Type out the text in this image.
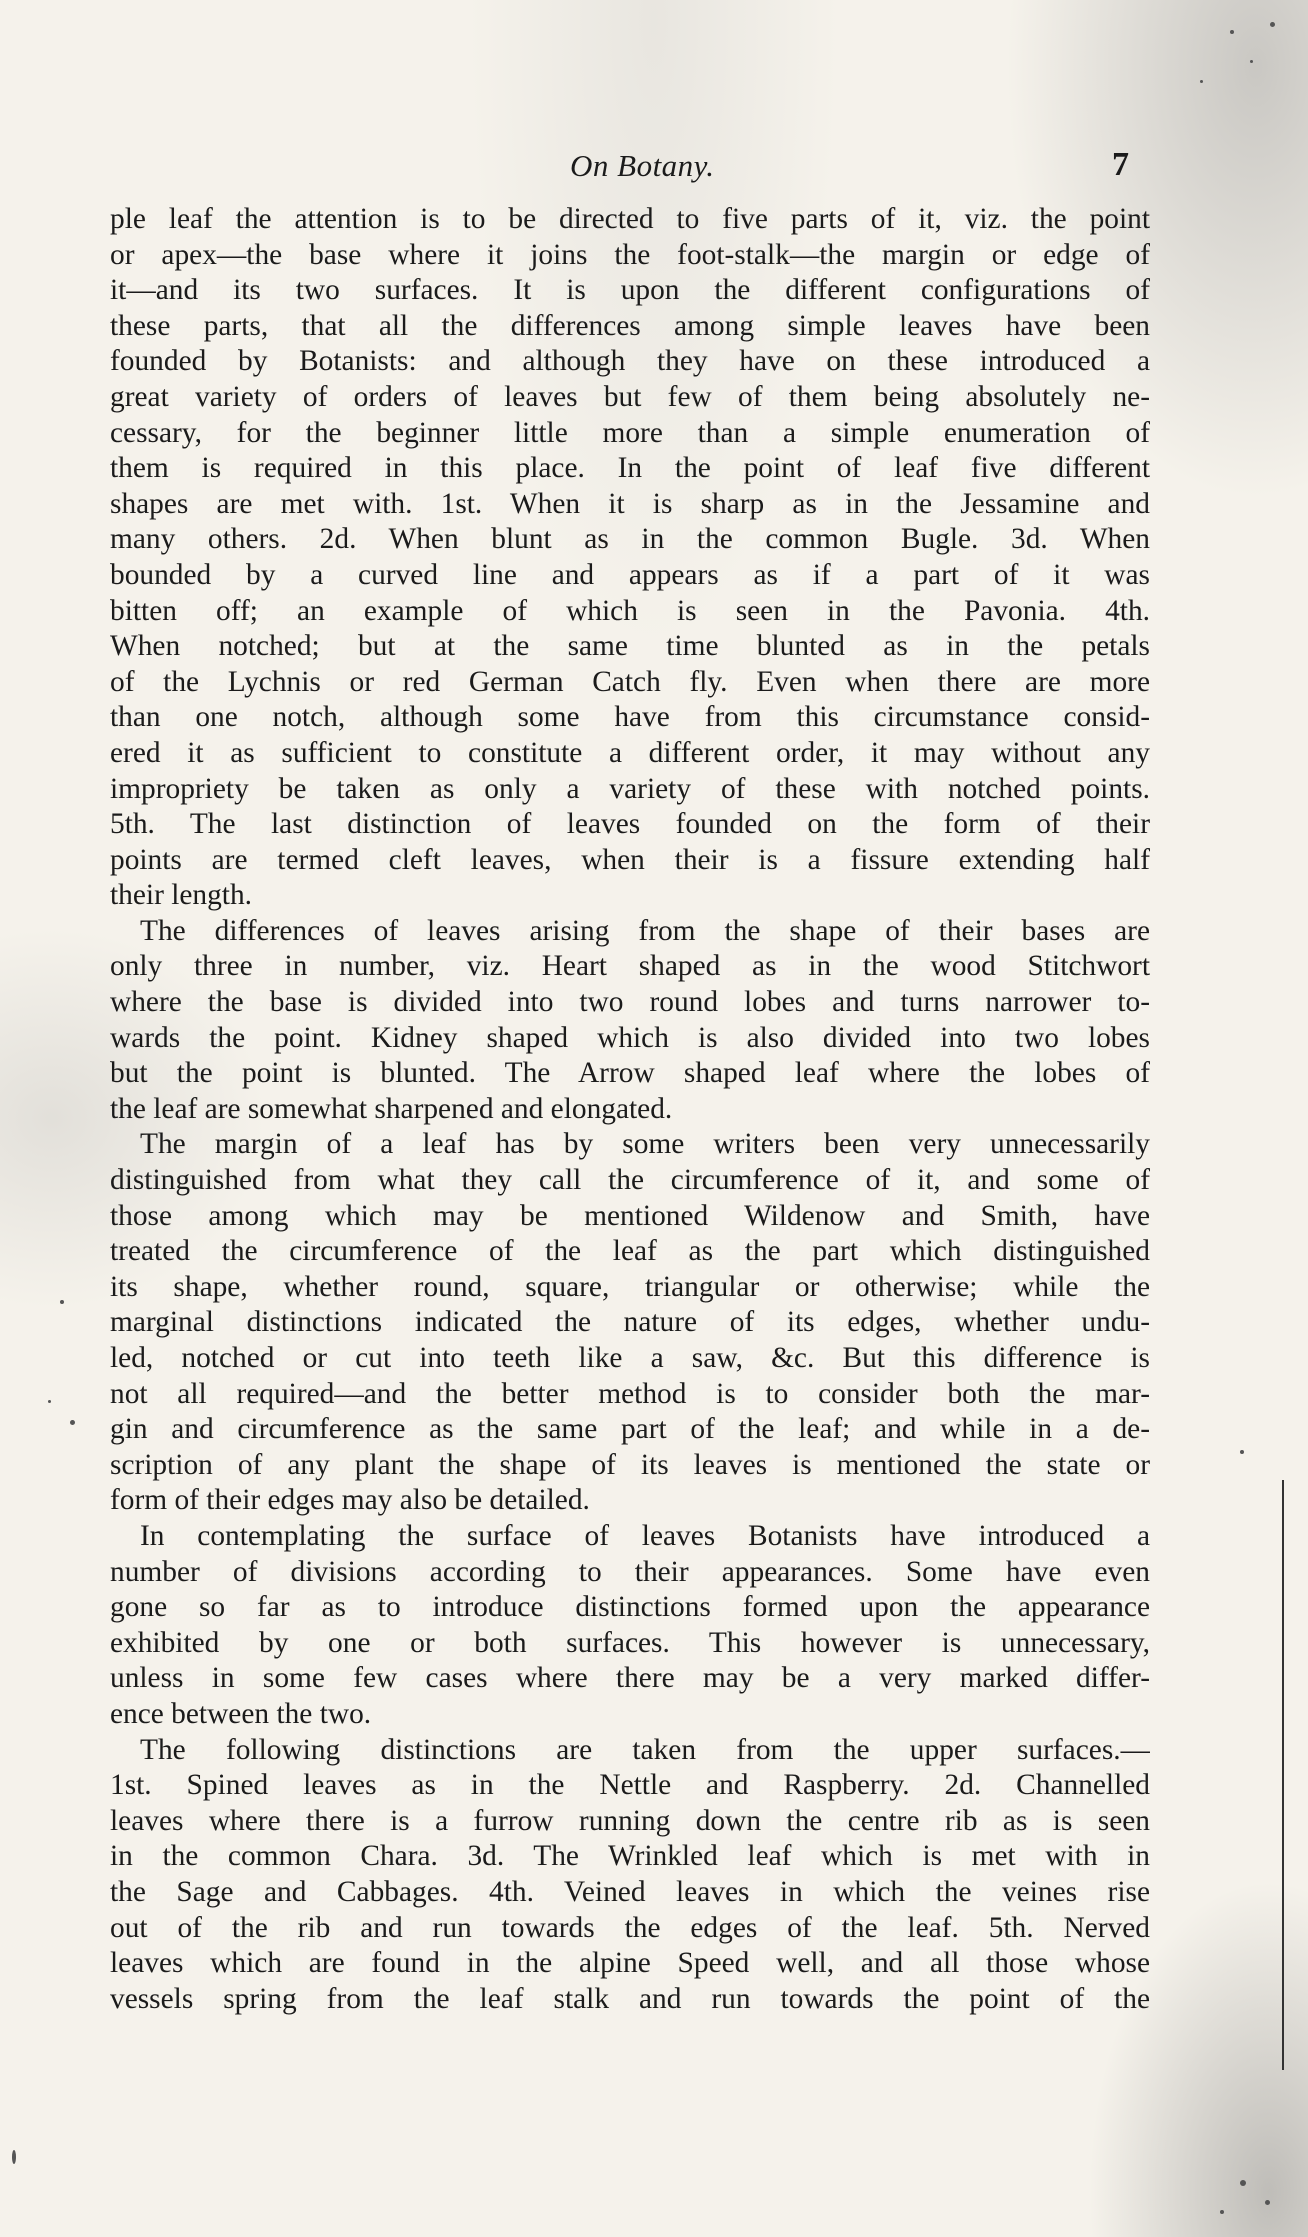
On Botany.	7
ple leaf the attention is to be directed to five parts of it, viz. the point
or apex—the base where it joins the foot-stalk—the margin or edge of
it—and its two surfaces. It is upon the different configurations of
these parts, that all the differences among simple leaves have been
founded by Botanists: and although they have on these introduced a
great variety of orders of leaves but few of them being absolutely ne-
cessary, for the beginner little more than a simple enumeration of
them is required in this place. In the point of leaf five different
shapes are met with. 1st. When it is sharp as in the Jessamine and
many others. 2d. When blunt as in the common Bugle. 3d. When
bounded by a curved line and appears as if a part of it was
bitten off; an example of which is seen in the Pavonia. 4th.
When notched; but at the same time blunted as in the petals
of the Lychnis or red German Catch fly. Even when there are more
than one notch, although some have from this circumstance consid-
ered it as sufficient to constitute a different order, it may without any
impropriety be taken as only a variety of these with notched points.
5th. The last distinction of leaves founded on the form of their
points are termed cleft leaves, when their is a fissure extending half
their length.
The differences of leaves arising from the shape of their bases are
only three in number, viz. Heart shaped as in the wood Stitchwort
where the base is divided into two round lobes and turns narrower to-
wards the point. Kidney shaped which is also divided into two lobes
but the point is blunted. The Arrow shaped leaf where the lobes of
the leaf are somewhat sharpened and elongated.
The margin of a leaf has by some writers been very unnecessarily
distinguished from what they call the circumference of it, and some of
those among which may be mentioned Wildenow and Smith, have
treated the circumference of the leaf as the part which distinguished
its shape, whether round, square, triangular or otherwise; while the
marginal distinctions indicated the nature of its edges, whether undu-
led, notched or cut into teeth like a saw, &c. But this difference is
not all required—and the better method is to consider both the mar-
gin and circumference as the same part of the leaf; and while in a de-
scription of any plant the shape of its leaves is mentioned the state or
form of their edges may also be detailed.
In contemplating the surface of leaves Botanists have introduced a
number of divisions according to their appearances. Some have even
gone so far as to introduce distinctions formed upon the appearance
exhibited by one or both surfaces. This however is unnecessary,
unless in some few cases where there may be a very marked differ-
ence between the two.
The following distinctions are taken from the upper surfaces.—
1st. Spined leaves as in the Nettle and Raspberry. 2d. Channelled
leaves where there is a furrow running down the centre rib as is seen
in the common Chara. 3d. The Wrinkled leaf which is met with in
the Sage and Cabbages. 4th. Veined leaves in which the veines rise
out of the rib and run towards the edges of the leaf. 5th. Nerved
leaves which are found in the alpine Speed well, and all those whose
vessels spring from the leaf stalk and run towards the point of the
